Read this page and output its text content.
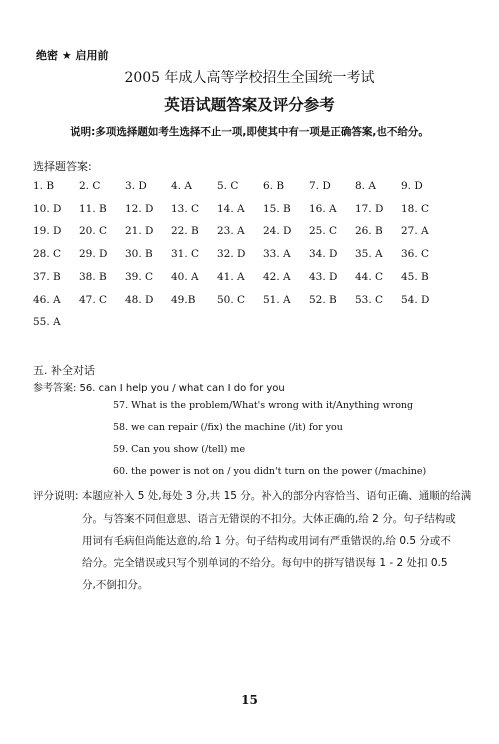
绝密 ★ 启用前
2005 年成人高等学校招生全国统一考试
英语试题答案及评分参考
说明:多项选择题如考生选择不止一项,即使其中有一项是正确答案,也不给分。
选择题答案:
1. B 2. C 3. D 4. A 5. C 6. B 7. D 8. A 9. D
10. D 11. B 12. D 13. C 14. A 15. B 16. A 17. D 18. C
19. D 20. C 21. D 22. B 23. A 24. D 25. C 26. B 27. A
28. C 29. D 30. B 31. C 32. D 33. A 34. D 35. A 36. C
37. B 38. B 39. C 40. A 41. A 42. A 43. D 44. C 45. B
46. A 47. C 48. D 49.B 50. C 51. A 52. B 53. C 54. D
55. A
五. 补全对话
参考答案: 56. can I help you / what can I do for you
57. What is the problem/What's wrong with it/Anything wrong
58. we can repair (/fix) the machine (/it) for you
59. Can you show (/tell) me
60. the power is not on / you didn't turn on the power (/machine)
评分说明: 本题应补入 5 处,每处 3 分,共 15 分。补入的部分内容恰当、语句正确、通顺的给满
分。与答案不同但意思、语言无错误的不扣分。大体正确的,给 2 分。句子结构或
用词有毛病但尚能达意的,给 1 分。句子结构或用词有严重错误的,给 0.5 分或不
给分。完全错误或只写个别单词的不给分。每句中的拼写错误每 1 - 2 处扣 0.5
分,不倒扣分。
15
